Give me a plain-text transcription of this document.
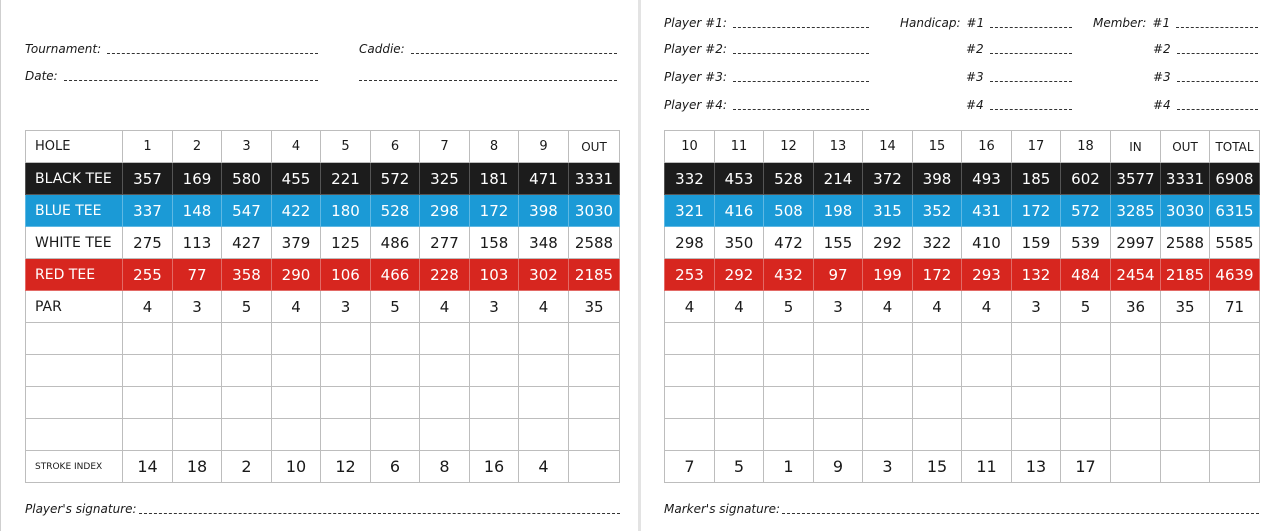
Tournament:	Caddie:
Date:
Player #1:
Player #2:
Player #3:
Player #4:
Handicap: #1
#2
#3
#4
Member: #1
#2
#3
#4
HOLE	1	2	3	4	5	6	7	8	9	OUT
BLACK TEE	357	169	580	455	221	572	325	181	471	3331
BLUE TEE	337	148	547	422	180	528	298	172	398	3030
WHITE TEE	275	113	427	379	125	486	277	158	348	2588
RED TEE	255	77	358	290	106	466	228	103	302	2185
PAR	4	3	5	4	3	5	4	3	4	35

STROKE INDEX	14	18	2	10	12	6	8	16	4	
10	11	12	13	14	15	16	17	18	IN	OUT	TOTAL
332	453	528	214	372	398	493	185	602	3577	3331	6908
321	416	508	198	315	352	431	172	572	3285	3030	6315
298	350	472	155	292	322	410	159	539	2997	2588	5585
253	292	432	97	199	172	293	132	484	2454	2185	4639
4	4	5	3	4	4	4	3	5	36	35	71

7	5	1	9	3	15	11	13	17			
Player's signature:	Marker's signature:
